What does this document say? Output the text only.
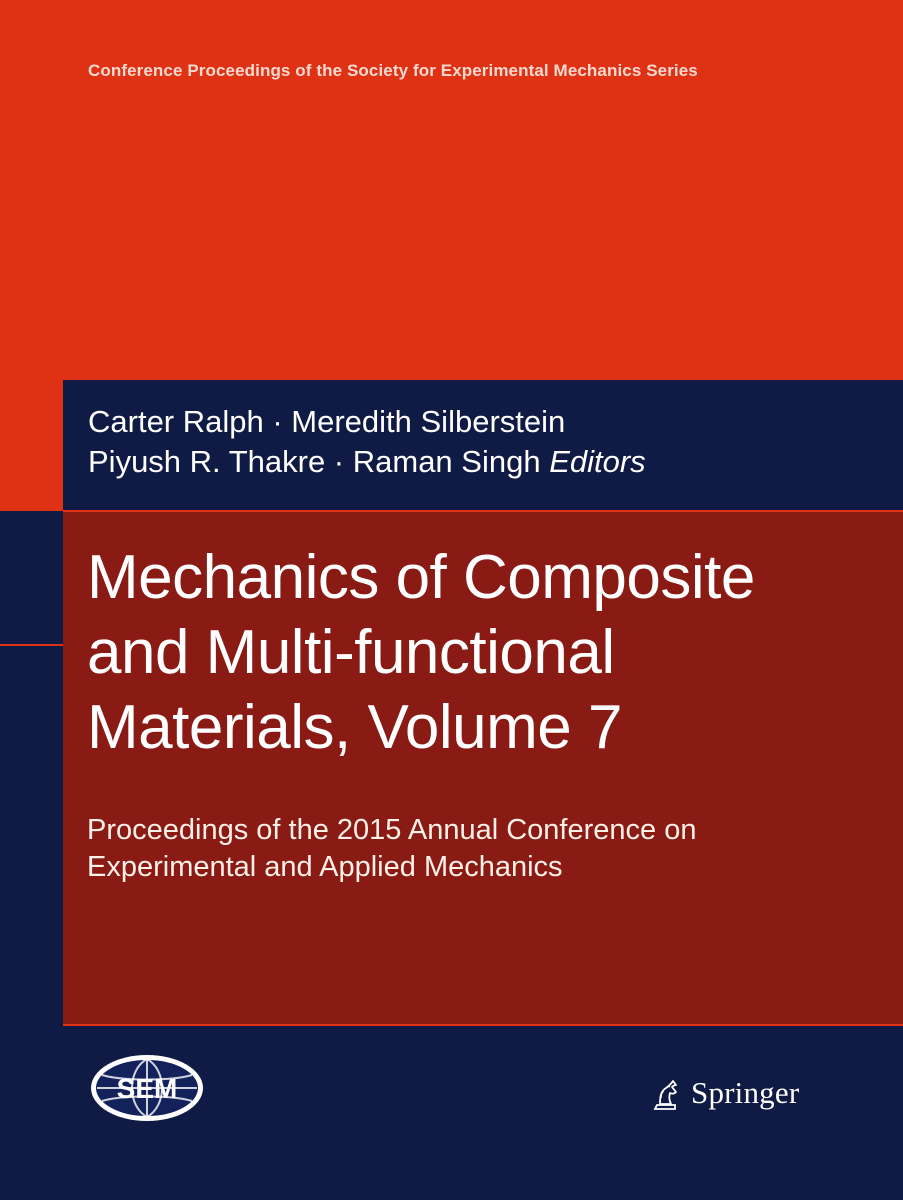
Conference Proceedings of the Society for Experimental Mechanics Series
Carter Ralph · Meredith Silberstein
Piyush R. Thakre · Raman Singh Editors
Mechanics of Composite
and Multi-functional
Materials, Volume 7
Proceedings of the 2015 Annual Conference on
Experimental and Applied Mechanics
SEM	Springer
